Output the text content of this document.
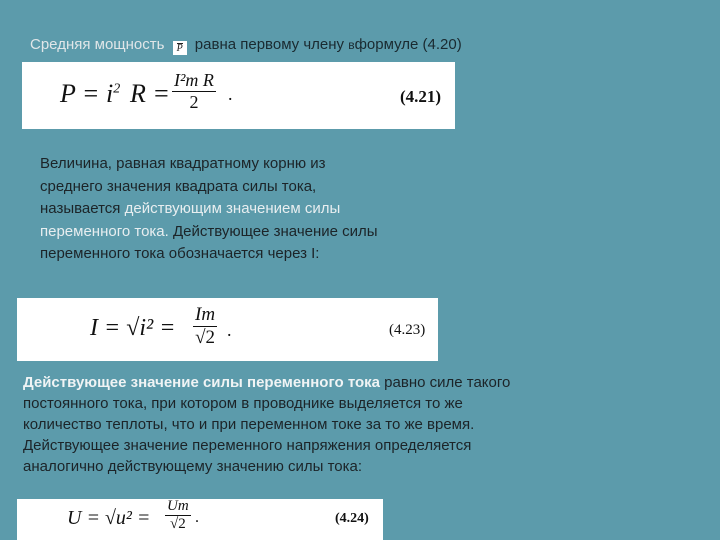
Средняя мощность P равна первому члену вформуле (4.20)
$P = i^2$ $R = \frac{\text{I²m R}}{2}$ .	(4.21)
Величина, равная квадратному корню из среднего значения квадрата силы тока, называется действующим значением силы переменного тока. Действующее значение силы переменного тока обозначается через I:
$I = √i^2 = \frac{Im}{√2}$ .	(4.23)
Действующее значение силы переменного тока равно силе такого постоянного тока, при котором в проводнике выделяется то же количество теплоты, что и при переменном токе за то же время.
Действующее значение переменного напряжения определяется аналогично действующему значению силы тока:
$U = √u^2 = \frac{Um}{√2}$ .	(4.24)
